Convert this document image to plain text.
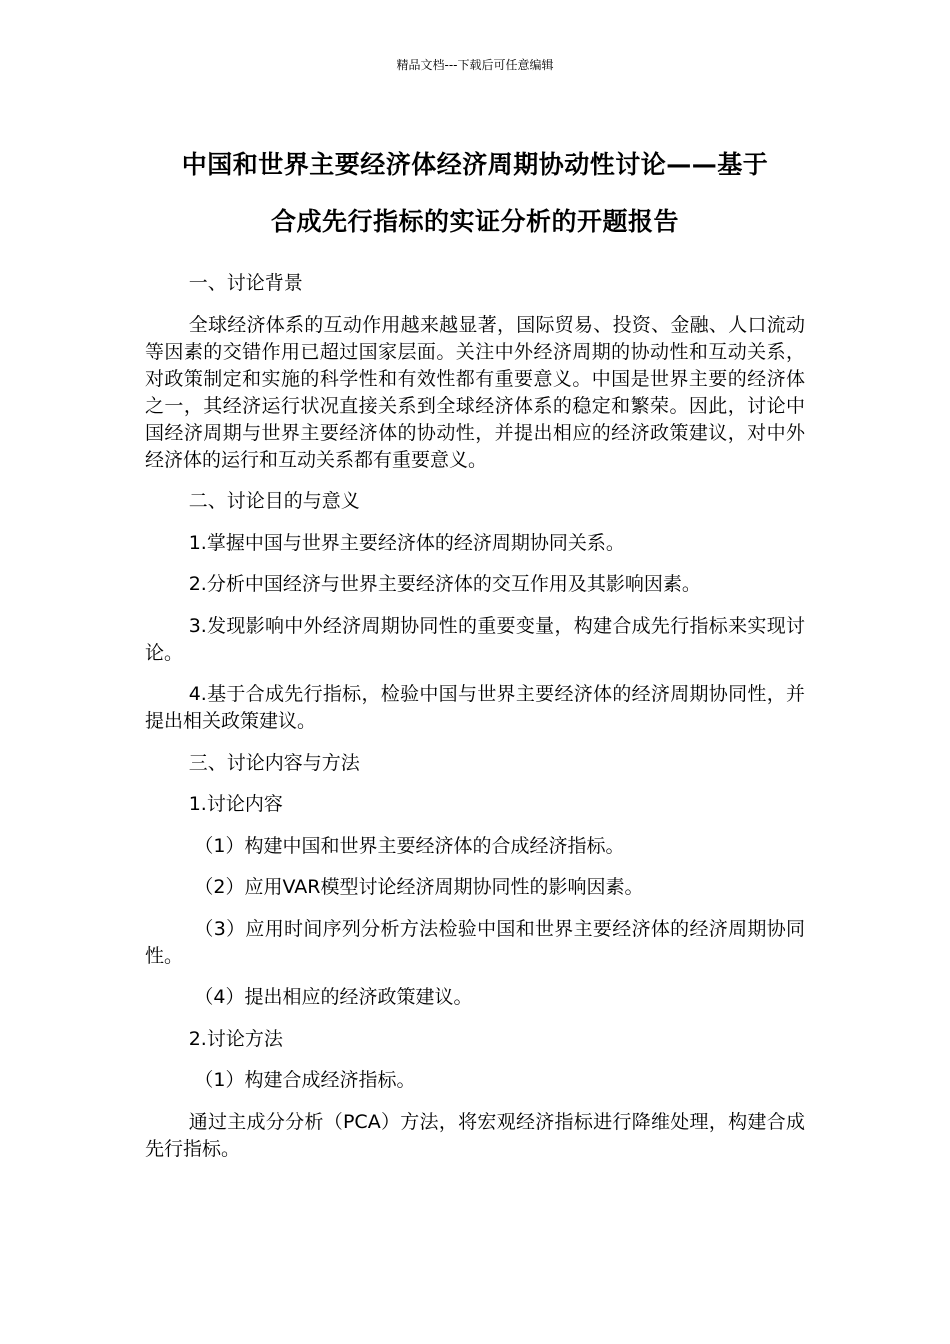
精品文档---下载后可任意编辑
中国和世界主要经济体经济周期协动性讨论——基于
合成先行指标的实证分析的开题报告

一、讨论背景

全球经济体系的互动作用越来越显著，国际贸易、投资、金融、人口流动等因素的交错作用已超过国家层面。关注中外经济周期的协动性和互动关系，对政策制定和实施的科学性和有效性都有重要意义。中国是世界主要的经济体之一，其经济运行状况直接关系到全球经济体系的稳定和繁荣。因此，讨论中国经济周期与世界主要经济体的协动性，并提出相应的经济政策建议，对中外经济体的运行和互动关系都有重要意义。

二、讨论目的与意义

1.掌握中国与世界主要经济体的经济周期协同关系。

2.分析中国经济与世界主要经济体的交互作用及其影响因素。

3.发现影响中外经济周期协同性的重要变量，构建合成先行指标来实现讨论。

4.基于合成先行指标，检验中国与世界主要经济体的经济周期协同性，并提出相关政策建议。

三、讨论内容与方法

1.讨论内容

（1）构建中国和世界主要经济体的合成经济指标。

（2）应用VAR模型讨论经济周期协同性的影响因素。

（3）应用时间序列分析方法检验中国和世界主要经济体的经济周期协同性。

（4）提出相应的经济政策建议。

2.讨论方法

（1）构建合成经济指标。

通过主成分分析（PCA）方法，将宏观经济指标进行降维处理，构建合成先行指标。
